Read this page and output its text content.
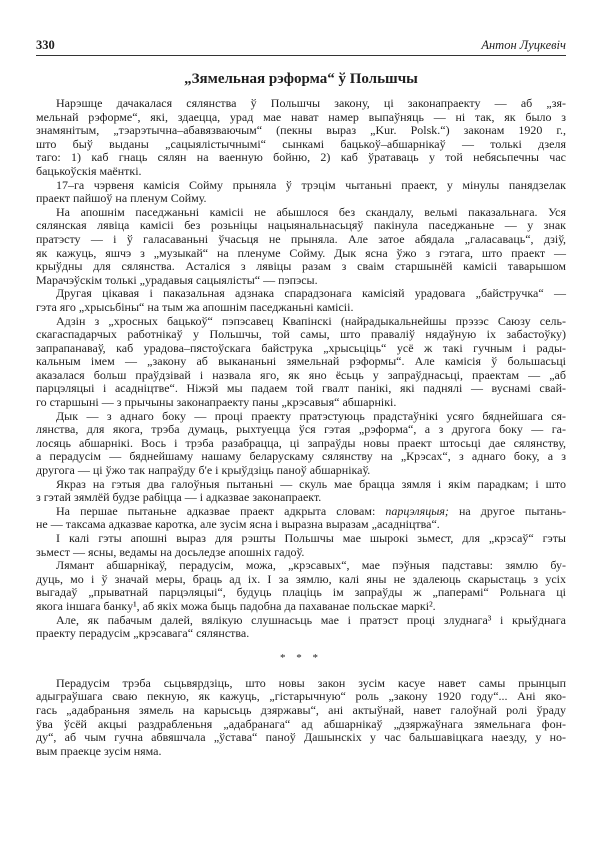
330	Антон Луцкевіч
„Зямельная рэформа“ ў Польшчы
Нарэшце дачакалася сялянства ў Польшчы закону, ці законапраекту — аб „зя-
мельнай рэформе“, які, здаецца, урад мае нават намер выпаўняць — ні так, як было з
знамянітым, „тэарэтычна–абавязваючым“ (пекны выраз „Kur. Polsk.“) законам 1920 г.,
што быў выданы „сацыялістычнымі“ сынкамі бацькоў–абшарнікаў — толькі дзеля
таго: 1) каб гнаць сялян на ваенную бойню, 2) каб ўратаваць у той небясьпечны час
бацькоўскія маёнткі.
17–га чэрвеня камісія Сойму прыняла ў трэцім чытаньні праект, у мінулы панядзелак
праект пайшоў на пленум Сойму.
На апошнім паседжаньні камісіі не абышлося без скандалу, вельмі паказальнага. Уся
сялянская лявіца камісіі без розьніцы нацыянальнасьцяў пакінула паседжаньне — у знак
пратэсту — і ў галасаваньні ўчасьця не прыняла. Але затое абядала „галасаваць“, дзіў,
як кажуць, яшчэ з „музыкай“ на пленуме Сойму. Дык ясна ўжо з гэтага, што праект —
крыўдны для сялянства. Асталіся з лявіцы разам з сваім старшынёй камісіі таварышом
Марачэўскім толькі „урадавыя сацыялісты“ — пэпэсы.
Другая цікавая і паказальная адзнака спарадзонага камісіяй урадовага „байстручка“ —
гэта яго „хрысьбіны“ на тым жа апошнім паседжаньні камісіі.
Адзін з „хросных бацькоў“ пэпэсавец Квапінскі (найрадыкальнейшы прэзэс Саюзу сель-
скагаспадарчых работнікаў у Польшчы, той самы, што праваліў нядаўную іх забастоўку)
запрапанаваў, каб урадова–пястоўскага байструка „хрысьціць“ усё ж такі гучным і рады-
кальным імем — „закону аб выкананьні зямельнай рэформы“. Але камісія ў большасьці
аказалася больш праўдзівай і назвала яго, як яно ёсьць у запраўднасьці, праектам — „аб
парцэляцыі і асадніцтве“. Ніжэй мы падаем той гвалт панікі, які паднялі — вуснамі свай-
го старшыні — з прычыны законапраекту паны „крэсавыя“ абшарнікі.
Дык — з аднаго боку — проці праекту пратэстуюць прадстаўнікі усяго бяднейшага ся-
лянства, для якога, трэба думаць, рыхтуецца ўся гэтая „рэформа“, а з другога боку — га-
лосяць абшарнікі. Вось і трэба разабрацца, ці запраўды новы праект штосьці дае сялянству,
а перадусім — бяднейшаму нашаму беларускаму сялянству на „Крэсах“, з аднаго боку, а з
другога — ці ўжо так напраўду б'е і крыўдзіць паноў абшарнікаў.
Якраз на гэтыя два галоўныя пытаньні — скуль мае брацца зямля і якім парадкам; і што
з гэтай зямлёй будзе рабіцца — і адказвае законапраект.
На першае пытаньне адказвае праект адкрыта словам: парцэляцыя; на другое пытань-
не — таксама адказвае каротка, але зусім ясна і выразна выразам „асадніцтва“.
І калі гэты апошні выраз для рэшты Польшчы мае шырокі зьмест, для „крэсаў“ гэты
зьмест — ясны, ведамы на досьледзе апошніх гадоў.
Лямант абшарнікаў, перадусім, можа, „крэсавых“, мае пэўныя падставы: зямлю бу-
дуць, мо і ў значай меры, браць ад іх. І за зямлю, калі яны не здалеюць скарыстаць з усіх
выгадаў „прыватнай парцэляцыі“, будуць плаціць ім запраўды ж „паперамі“ Рольнага ці
якога іншага банку¹, аб якіх можа быць падобна да пахаванае польскае маркі².
Але, як пабачым далей, вялікую слушнасьць мае і пратэст проці злуднага³ і крыўднага
праекту перадусім „крэсавага“ сялянства.
* * *
Перадусім трэба сьцьвярдзіць, што новы закон зусім касуе навет самы прынцып
адыграўшага сваю пекную, як кажуць, „гістарычную“ роль „закону 1920 году“... Ані яко-
гась „адабраньня зямель на карысьць дзяржавы“, ані актыўнай, навет галоўнай ролі ўраду
ўва ўсёй акцыі раздрабленьня „адабранага“ ад абшарнікаў „дзяржаўнага зямельнага фон-
ду“, аб чым гучна абвяшчала „ўстава“ паноў Дашынскіх у час бальшавіцкага наезду, у но-
вым праекце зусім няма.
